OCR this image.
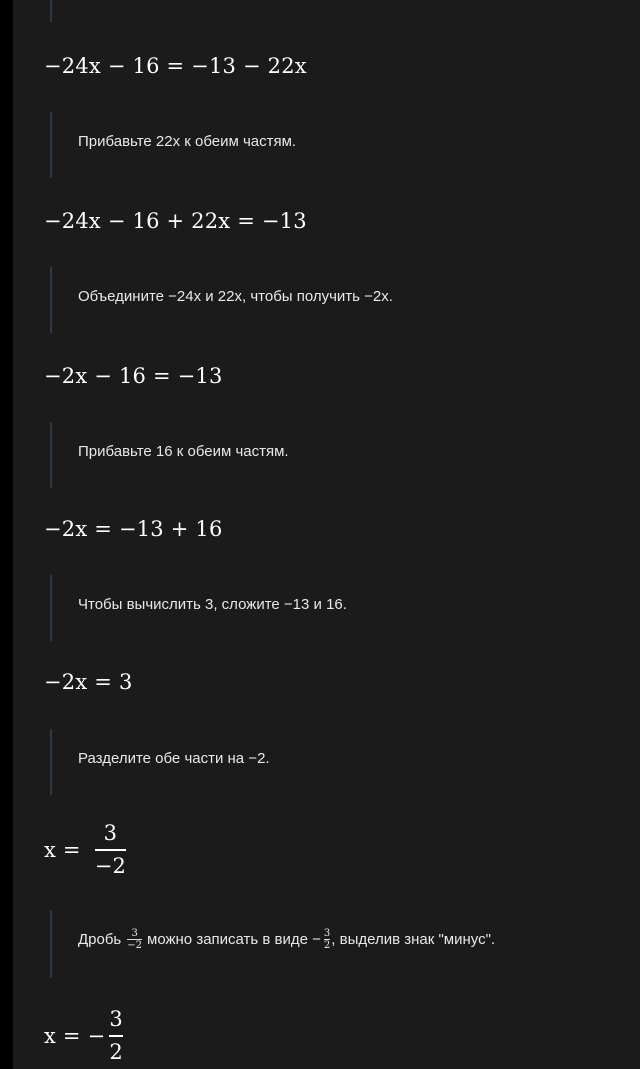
−24x − 16 = −13 − 22x
Прибавьте 22x к обеим частям.
−24x − 16 + 22x = −13
Объедините −24x и 22x, чтобы получить −2x.
−2x − 16 = −13
Прибавьте 16 к обеим частям.
−2x = −13 + 16
Чтобы вычислить 3, сложите −13 и 16.
−2x = 3
Разделите обе части на −2.
$x = \frac{3}{-2}$
Дробь $\frac{3}{-2}$ можно записать в виде − $\frac{3}{2}$ , выделив знак "минус".
x = − $\frac{3}{2}$
